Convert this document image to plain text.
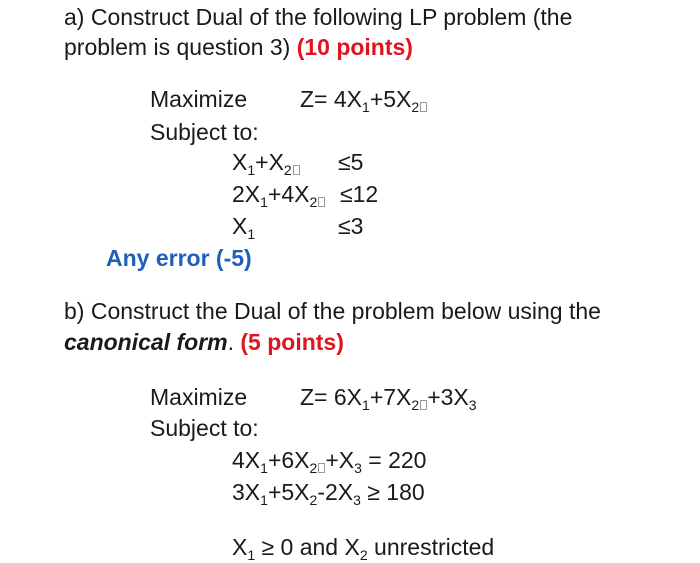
a) Construct Dual of the following LP problem (the
problem is question 3) (10 points)
Maximize $Z= 4X_1+5X_2$
Subject to:
$X_1+X_2$	≤5
$2X_1+4X_2 \le 12$
$X_1$	≤3
Any error (-5)
b) Construct the Dual of the problem below using the
canonical form. (5 points)
Maximize $Z= 6X_1+7X_2 +3X_3$
Subject to:
$4X_1+6X_2 +X_3 = 220$
$3X_1+5X_2-2X_3 \ge 180$
$X_1 \ge 0$ and $X_2$ unrestricted
